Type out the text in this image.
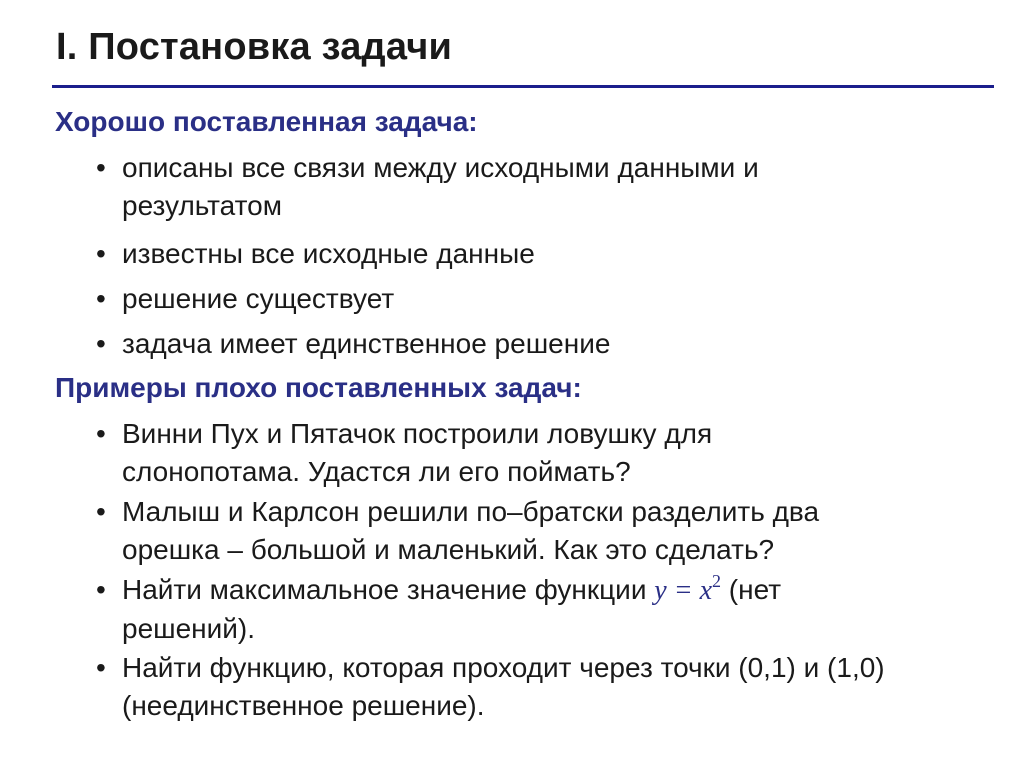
I. Постановка задачи
Хорошо поставленная задача:
• описаны все связи между исходными данными и
результатом
• известны все исходные данные
• решение существует
• задача имеет единственное решение
Примеры плохо поставленных задач:
• Винни Пух и Пятачок построили ловушку для
слонопотама. Удастся ли его поймать?
• Малыш и Карлсон решили по–братски разделить два
орешка – большой и маленький. Как это сделать?
• Найти максимальное значение функции $y = x^2$ (нет
решений).
• Найти функцию, которая проходит через точки (0,1) и (1,0)
(неединственное решение).
